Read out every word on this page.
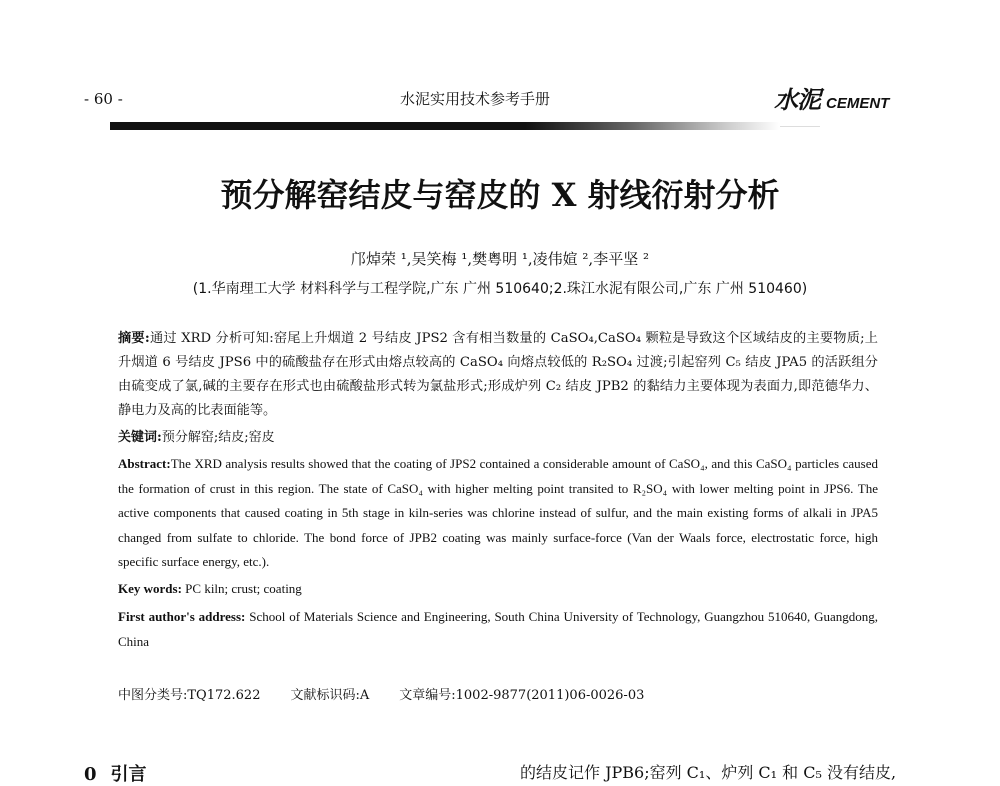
- 60 -	水泥实用技术参考手册	水泥 CEMENT
预分解窑结皮与窑皮的 X 射线衍射分析
邝焯荣 ¹,吴笑梅 ¹,樊粤明 ¹,凌伟媗 ²,李平坚 ²
(1.华南理工大学 材料科学与工程学院,广东 广州 510640;2.珠江水泥有限公司,广东 广州 510460)
摘要:通过 XRD 分析可知:窑尾上升烟道 2 号结皮 JPS2 含有相当数量的 CaSO₄,CaSO₄ 颗粒是导致这个区域结皮的主要物质;上升烟道 6 号结皮 JPS6 中的硫酸盐存在形式由熔点较高的 CaSO₄ 向熔点较低的 R₂SO₄ 过渡;引起窑列 C₅ 结皮 JPA5 的活跃组分由硫变成了氯,碱的主要存在形式也由硫酸盐形式转为氯盐形式;形成炉列 C₂ 结皮 JPB2 的黏结力主要体现为表面力,即范德华力、静电力及高的比表面能等。
关键词:预分解窑;结皮;窑皮
Abstract:The XRD analysis results showed that the coating of JPS2 contained a considerable amount of CaSO₄, and this CaSO₄ particles caused the formation of crust in this region. The state of CaSO₄ with higher melting point transited to R₂SO₄ with lower melting point in JPS6. The active components that caused coating in 5th stage in kiln-series was chlorine instead of sulfur, and the main existing forms of alkali in JPA5 changed from sulfate to chloride. The bond force of JPB2 coating was mainly surface-force (Van der Waals force, electrostatic force, high specific surface energy, etc.).
Key words: PC kiln; crust; coating
First author's address: School of Materials Science and Engineering, South China University of Technology, Guangzhou 510640, Guangdong, China
中图分类号:TQ172.622 文献标识码:A 文章编号:1002-9877(2011)06-0026-03
0 引言	的结皮记作 JPB6;窑列 C₁、炉列 C₁ 和 C₅ 没有结皮,
